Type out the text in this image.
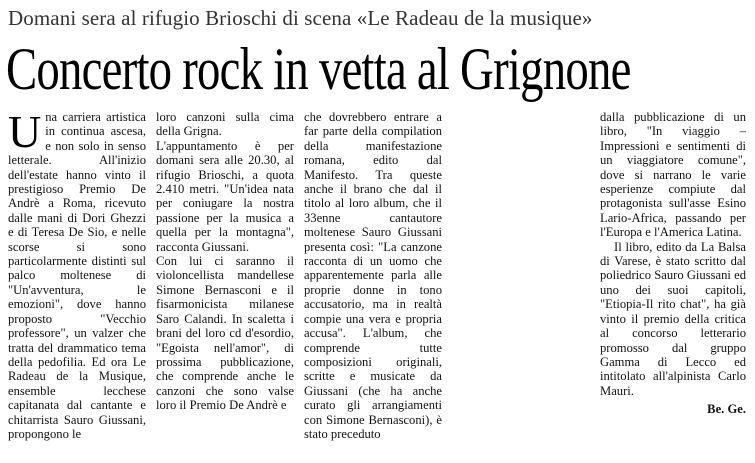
Domani sera al rifugio Brioschi di scena «Le Radeau de la musique»
Concerto rock in vetta al Grignone
U na carriera artistica in continua ascesa, e non solo in senso letterale. All'inizio dell'estate hanno vinto il prestigioso Premio De Andrè a Roma, ricevuto dalle mani di Dori Ghezzi e di Teresa De Sio, e nelle scorse si sono particolarmente distinti sul palco moltenese di "Un'avventura, le emozioni", dove hanno proposto "Vecchio professore", un valzer che tratta del drammatico tema della pedofilia. Ed ora Le Radeau de la Musique, ensemble lecchese capitanata dal cantante e chitarrista Sauro Giussani, propongono le

loro canzoni sulla cima della Grigna.

L'appuntamento è per domani sera alle 20.30, al rifugio Brioschi, a quota 2.410 metri. "Un'idea nata per coniugare la nostra passione per la musica a quella per la montagna", racconta Giussani.

Con lui ci saranno il violoncellista mandellese Simone Bernasconi e il fisarmonicista milanese Saro Calandi. In scaletta i brani del loro cd d'esordio, "Egoista nell'amor", di prossima pubblicazione, che comprende anche le canzoni che sono valse loro il Premio De Andrè e

che dovrebbero entrare a far parte della compilation della manifestazione romana, edito dal Manifesto. Tra queste anche il brano che dal il titolo al loro album, che il 33enne cantautore moltenese Sauro Giussani presenta così: "La canzone racconta di un uomo che apparentemente parla alle proprie donne in tono accusatorio, ma in realtà compie una vera e propria accusa". L'album, che comprende tutte composizioni originali, scritte e musicate da Giussani (che ha anche curato gli arrangiamenti con Simone Bernasconi), è stato preceduto

dalla pubblicazione di un libro, "In viaggio – Impressioni e sentimenti di un viaggiatore comune", dove si narrano le varie esperienze compiute dal protagonista sull'asse Esino Lario-Africa, passando per l'Europa e l'America Latina.

Il libro, edito da La Balsa di Varese, è stato scritto dal poliedrico Sauro Giussani ed uno dei suoi capitoli, "Etiopia-Il rito chat", ha già vinto il premio della critica al concorso letterario promosso dal gruppo Gamma di Lecco ed intitolato all'alpinista Carlo Mauri.

Be. Ge.
